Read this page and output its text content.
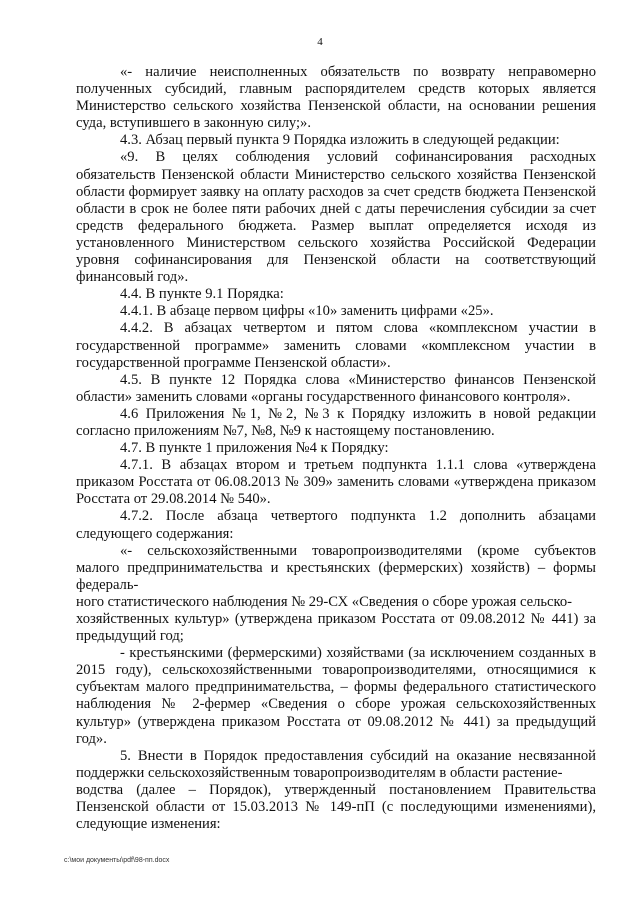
4

«- наличие неисполненных обязательств по возврату неправомерно полученных субсидий, главным распорядителем средств которых является Министерство сельского хозяйства Пензенской области, на основании решения суда, вступившего в законную силу;».

4.3. Абзац первый пункта 9 Порядка изложить в следующей редакции:

«9. В целях соблюдения условий софинансирования расходных обязательств Пензенской области Министерство сельского хозяйства Пензенской области формирует заявку на оплату расходов за счет средств бюджета Пензенской области в срок не более пяти рабочих дней с даты перечисления субсидии за счет средств федерального бюджета. Размер выплат определяется исходя из установленного Министерством сельского хозяйства Российской Федерации уровня софинансирования для Пензенской области на соответствующий финансовый год».

4.4. В пункте 9.1 Порядка:

4.4.1. В абзаце первом цифры «10» заменить цифрами «25».

4.4.2. В абзацах четвертом и пятом слова «комплексном участии в государственной программе» заменить словами «комплексном участии в государственной программе Пензенской области».

4.5. В пункте 12 Порядка слова «Министерство финансов Пензенской области» заменить словами «органы государственного финансового контроля».

4.6 Приложения №1, №2, №3 к Порядку изложить в новой редакции согласно приложениям №7, №8, №9 к настоящему постановлению.

4.7. В пункте 1 приложения №4 к Порядку:

4.7.1. В абзацах втором и третьем подпункта 1.1.1 слова «утверждена приказом Росстата от 06.08.2013 № 309» заменить словами «утверждена приказом Росстата от 29.08.2014 № 540».

4.7.2. После абзаца четвертого подпункта 1.2 дополнить абзацами следующего содержания:

«- сельскохозяйственными товаропроизводителями (кроме субъектов малого предпринимательства и крестьянских (фермерских) хозяйств) – формы федераль-
ного статистического наблюдения № 29-СХ «Сведения о сборе урожая сельско-
хозяйственных культур» (утверждена приказом Росстата от 09.08.2012 № 441) за предыдущий год;

- крестьянскими (фермерскими) хозяйствами (за исключением созданных в 2015 году), сельскохозяйственными товаропроизводителями, относящимися к субъектам малого предпринимательства, – формы федерального статистического наблюдения № 2-фермер «Сведения о сборе урожая сельскохозяйственных культур» (утверждена приказом Росстата от 09.08.2012 № 441) за предыдущий год».

5. Внести в Порядок предоставления субсидий на оказание несвязанной поддержки сельскохозяйственным товаропроизводителям в области растение-
водства (далее – Порядок), утвержденный постановлением Правительства Пензенской области от 15.03.2013 № 149-пП (с последующими изменениями), следующие изменения:

c:\мои документы\pdf\98-пп.docx
